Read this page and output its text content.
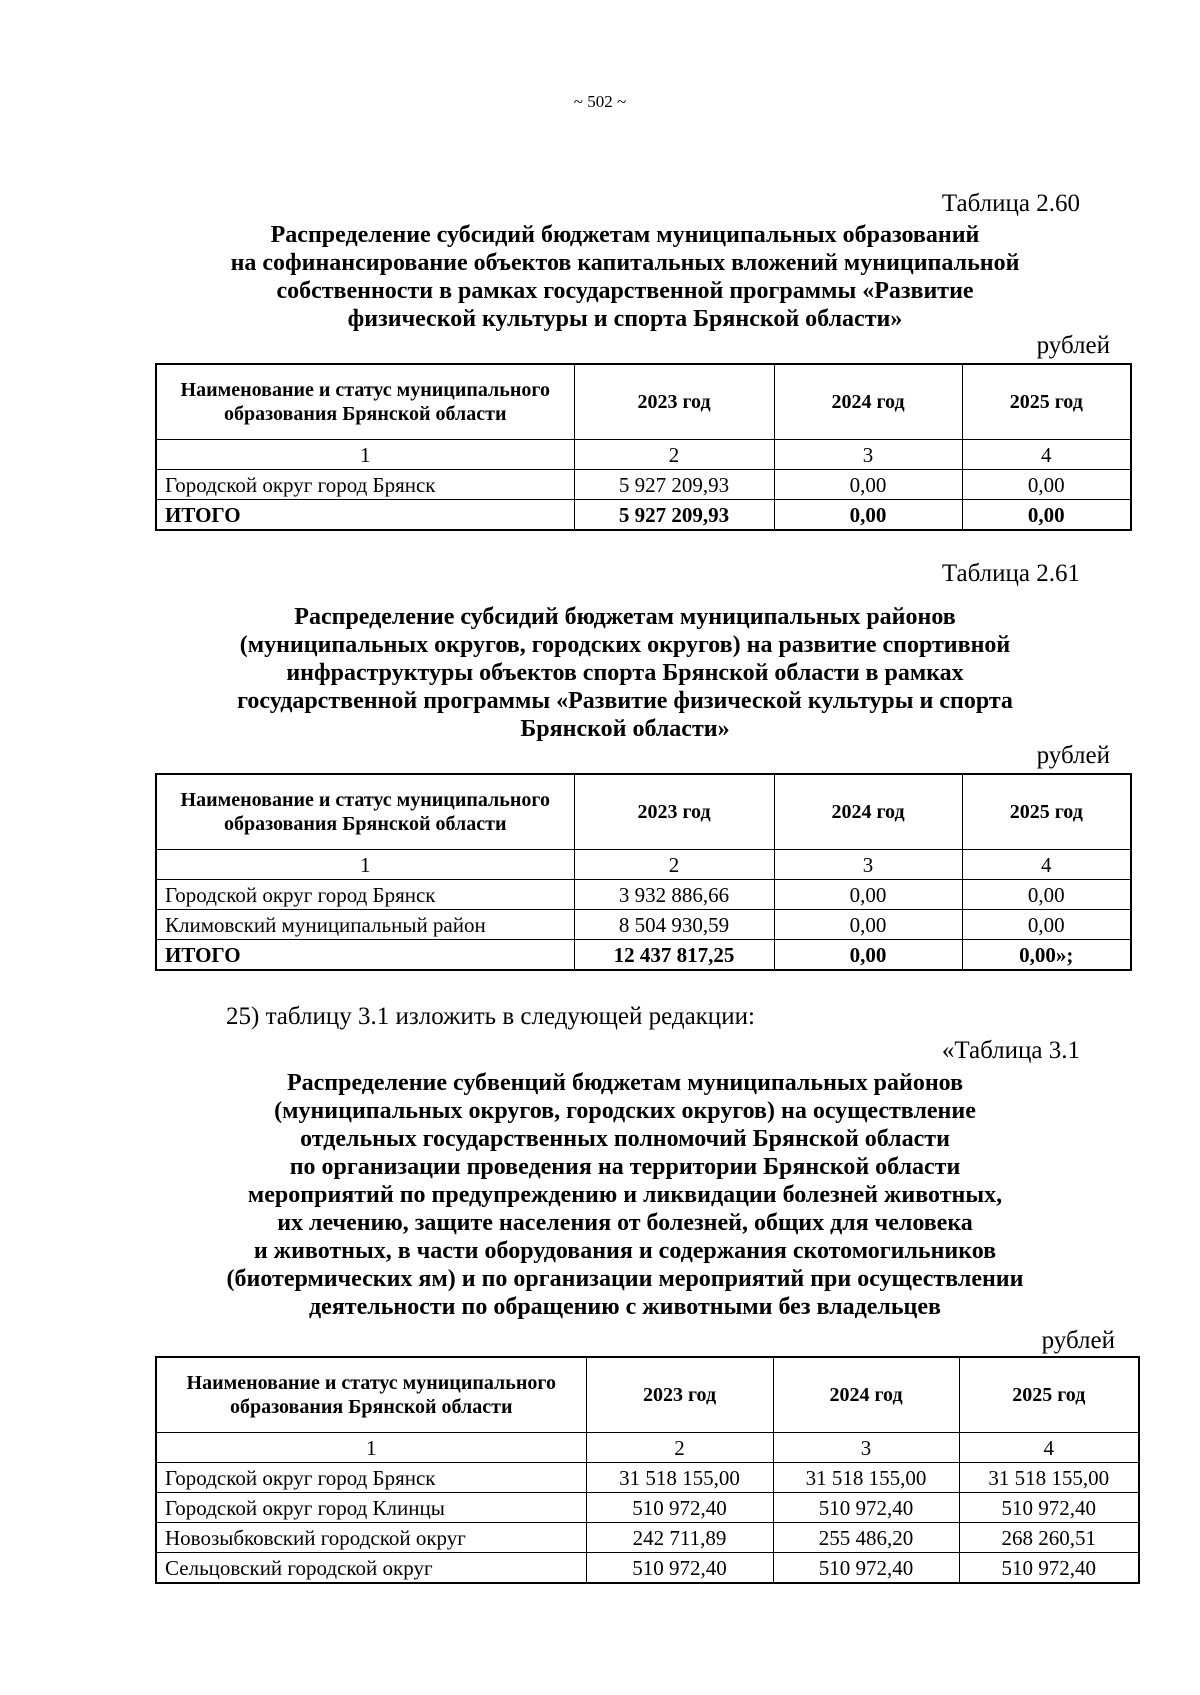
~ 502 ~
Таблица 2.60
Распределение субсидий бюджетам муниципальных образований
на софинансирование объектов капитальных вложений муниципальной
собственности в рамках государственной программы «Развитие
физической культуры и спорта Брянской области»
рублей
Наименование и статус муниципального образования Брянской области	2023 год	2024 год	2025 год
1	2	3	4
Городской округ город Брянск	5 927 209,93	0,00	0,00
ИТОГО	5 927 209,93	0,00	0,00
Таблица 2.61
Распределение субсидий бюджетам муниципальных районов
(муниципальных округов, городских округов) на развитие спортивной
инфраструктуры объектов спорта Брянской области в рамках
государственной программы «Развитие физической культуры и спорта
Брянской области»
рублей
Наименование и статус муниципального образования Брянской области	2023 год	2024 год	2025 год
1	2	3	4
Городской округ город Брянск	3 932 886,66	0,00	0,00
Климовский муниципальный район	8 504 930,59	0,00	0,00
ИТОГО	12 437 817,25	0,00	0,00»;
25) таблицу 3.1 изложить в следующей редакции:
«Таблица 3.1
Распределение субвенций бюджетам муниципальных районов
(муниципальных округов, городских округов) на осуществление
отдельных государственных полномочий Брянской области
по организации проведения на территории Брянской области
мероприятий по предупреждению и ликвидации болезней животных,
их лечению, защите населения от болезней, общих для человека
и животных, в части оборудования и содержания скотомогильников
(биотермических ям) и по организации мероприятий при осуществлении
деятельности по обращению с животными без владельцев
рублей
Наименование и статус муниципального образования Брянской области	2023 год	2024 год	2025 год
1	2	3	4
Городской округ город Брянск	31 518 155,00	31 518 155,00	31 518 155,00
Городской округ город Клинцы	510 972,40	510 972,40	510 972,40
Новозыбковский городской округ	242 711,89	255 486,20	268 260,51
Сельцовский городской округ	510 972,40	510 972,40	510 972,40
